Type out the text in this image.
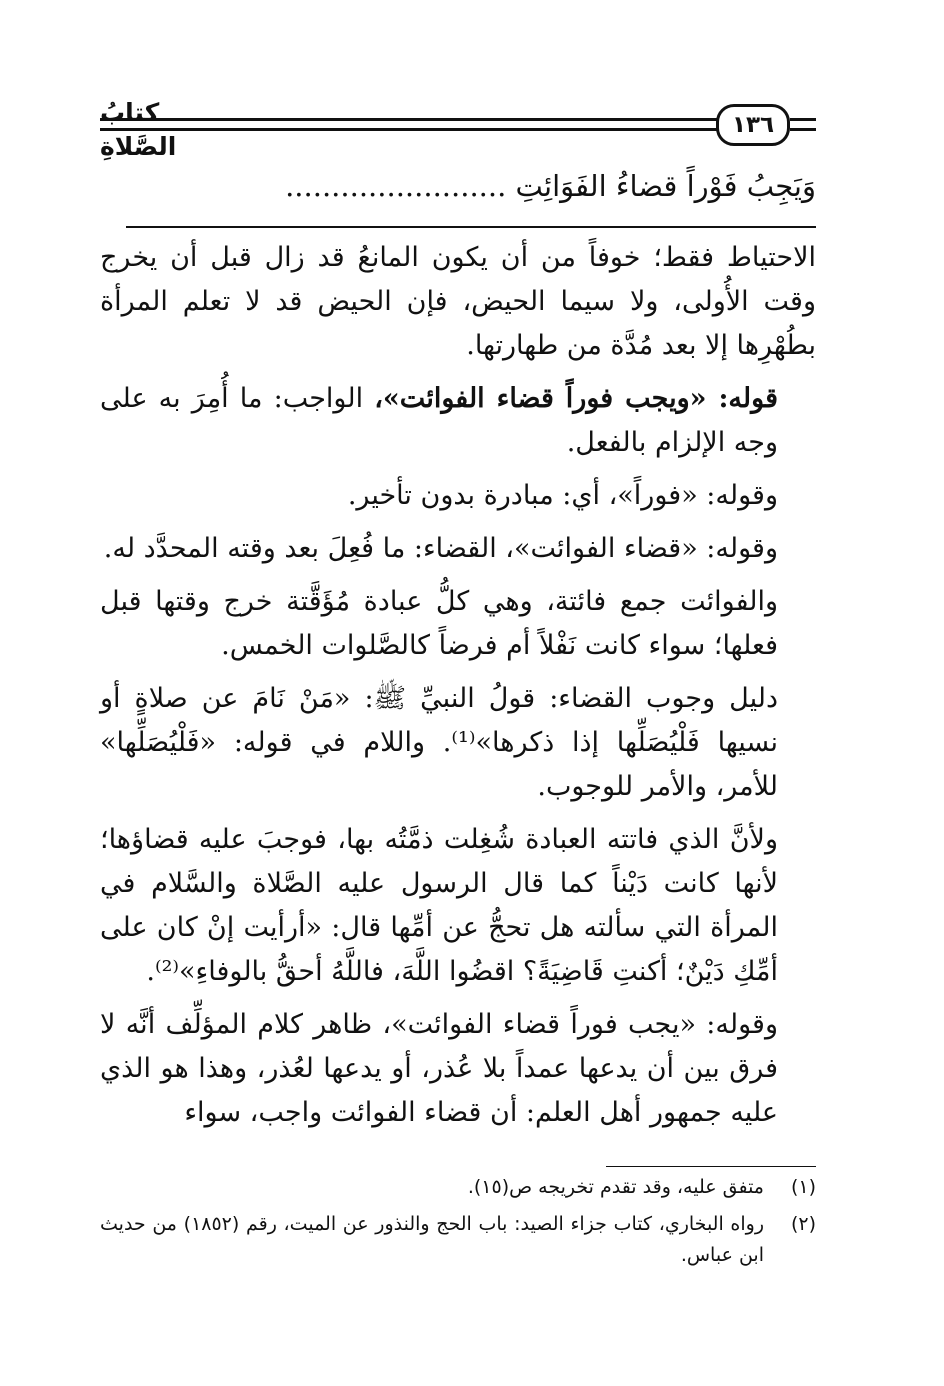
كتابُ الصَّلاةِ
١٣٦
وَيَجِبُ فَوْراً قضاءُ الفَوَائِتِ ........................

الاحتياط فقط؛ خوفاً من أن يكون المانعُ قد زال قبل أن يخرج وقت الأُولى، ولا سيما الحيض، فإن الحيض قد لا تعلم المرأة بطُهْرِها إلا بعد مُدَّة من طهارتها.

قوله: «ويجب فوراً قضاء الفوائت»، الواجب: ما أُمِرَ به على وجه الإلزام بالفعل.

وقوله: «فوراً»، أي: مبادرة بدون تأخير.

وقوله: «قضاء الفوائت»، القضاء: ما فُعِلَ بعد وقته المحدَّد له.

والفوائت جمع فائتة، وهي كلُّ عبادة مُؤَقَّتة خرج وقتها قبل فعلها؛ سواء كانت نَفْلاً أم فرضاً كالصَّلوات الخمس.

دليل وجوب القضاء: قولُ النبيِّ ﷺ: «مَنْ نَامَ عن صلاةٍ أو نسيها فَلْيُصَلِّها إذا ذكرها»⁽¹⁾. واللام في قوله: «فَلْيُصَلِّها» للأمر، والأمر للوجوب.

ولأنَّ الذي فاتته العبادة شُغِلت ذمَّتُه بها، فوجبَ عليه قضاؤها؛ لأنها كانت دَيْناً كما قال الرسول عليه الصَّلاة والسَّلام في المرأة التي سألته هل تحجُّ عن أمِّها قال: «أرأيت إنْ كان على أمِّكِ دَيْنٌ؛ أكنتِ قَاضِيَةً؟ اقضُوا اللَّهَ، فاللَّهُ أحقُّ بالوفاءِ»⁽²⁾.

وقوله: «يجب فوراً قضاء الفوائت»، ظاهر كلام المؤلِّف أنَّه لا فرق بين أن يدعها عمداً بلا عُذر، أو يدعها لعُذر، وهذا هو الذي عليه جمهور أهل العلم: أن قضاء الفوائت واجب، سواء

(١)
متفق عليه، وقد تقدم تخريجه ص(١٥).
(٢)
رواه البخاري، كتاب جزاء الصيد: باب الحج والنذور عن الميت، رقم (١٨٥٢) من حديث ابن عباس.
